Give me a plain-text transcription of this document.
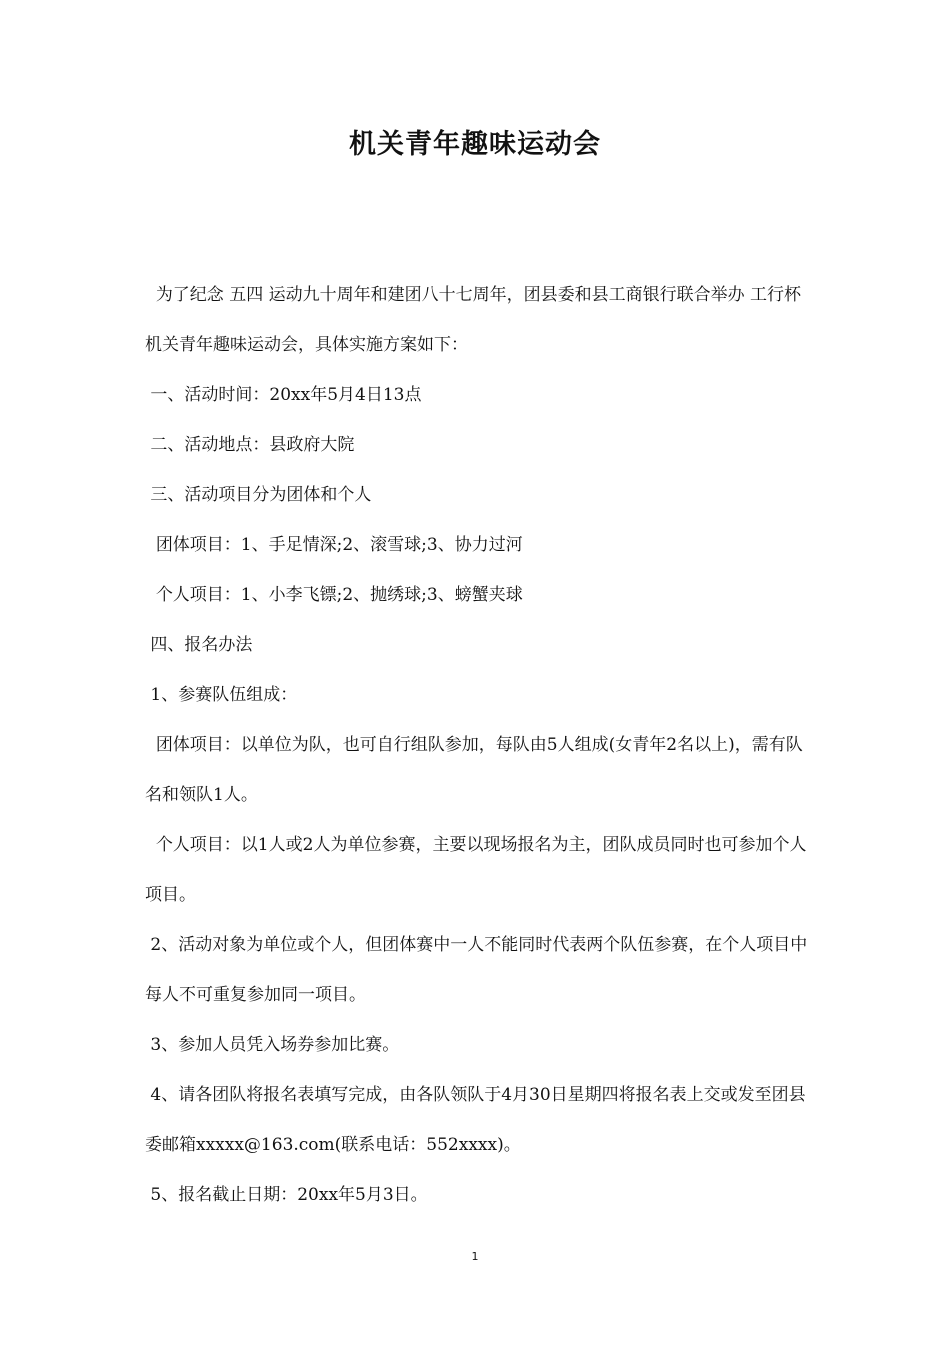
机关青年趣味运动会

为了纪念 五四 运动九十周年和建团八十七周年，团县委和县工商银行联合举办 工行杯 机关青年趣味运动会，具体实施方案如下：

一、活动时间：20xx年5月4日13点

二、活动地点：县政府大院

三、活动项目分为团体和个人

团体项目：1、手足情深;2、滚雪球;3、协力过河

个人项目：1、小李飞镖;2、抛绣球;3、螃蟹夹球

四、报名办法

1、参赛队伍组成：

团体项目：以单位为队，也可自行组队参加，每队由5人组成(女青年2名以上)，需有队名和领队1人。

个人项目：以1人或2人为单位参赛，主要以现场报名为主，团队成员同时也可参加个人项目。

2、活动对象为单位或个人，但团体赛中一人不能同时代表两个队伍参赛，在个人项目中每人不可重复参加同一项目。

3、参加人员凭入场券参加比赛。

4、请各团队将报名表填写完成，由各队领队于4月30日星期四将报名表上交或发至团县委邮箱xxxxx@163.com(联系电话：552xxxx)。

5、报名截止日期：20xx年5月3日。

1
